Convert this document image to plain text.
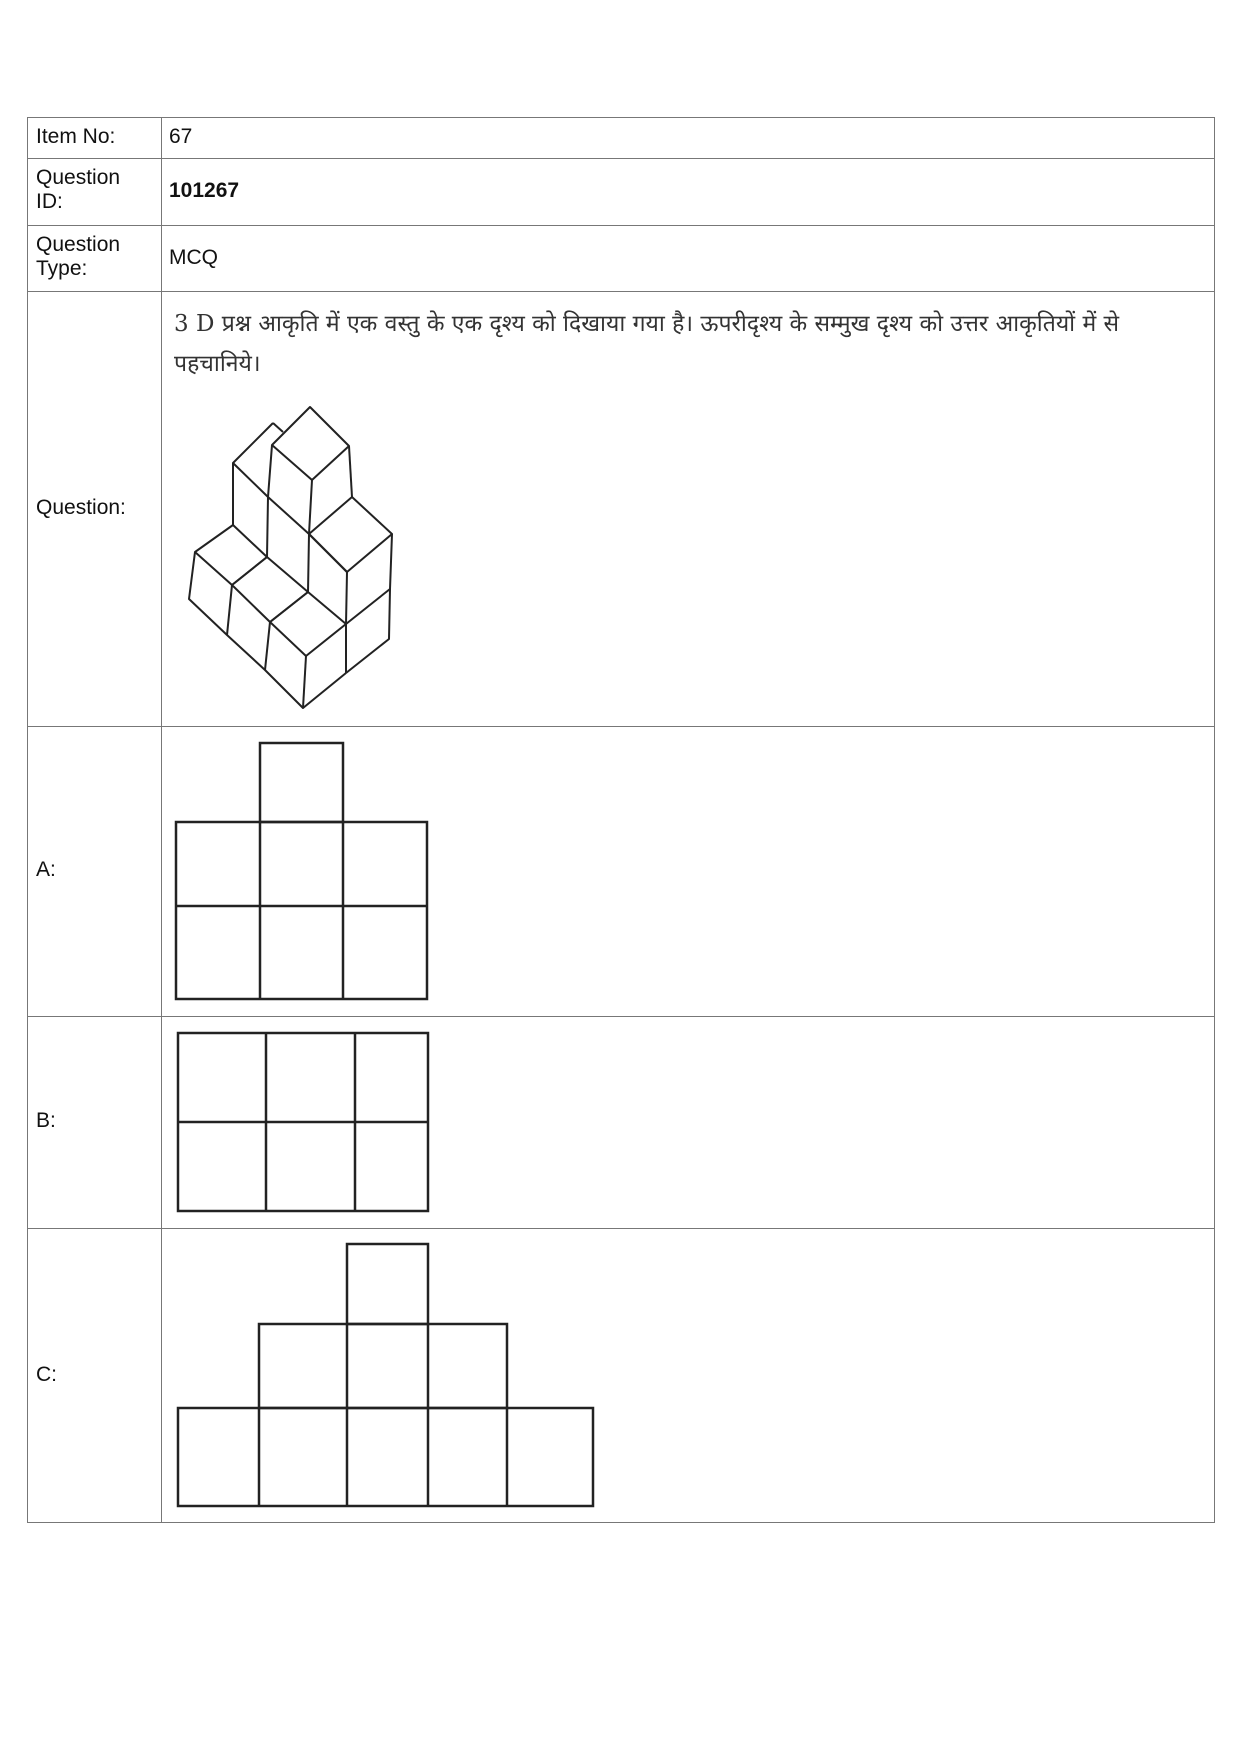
Item No:	67
Question
ID:	101267
Question
Type:	MCQ
Question:
3 D प्रश्न आकृति में एक वस्तु के एक दृश्य को दिखाया गया है। ऊपरीदृश्य के सम्मुख दृश्य को उत्तर आकृतियों में से पहचानिये।
A:
B:
C:
